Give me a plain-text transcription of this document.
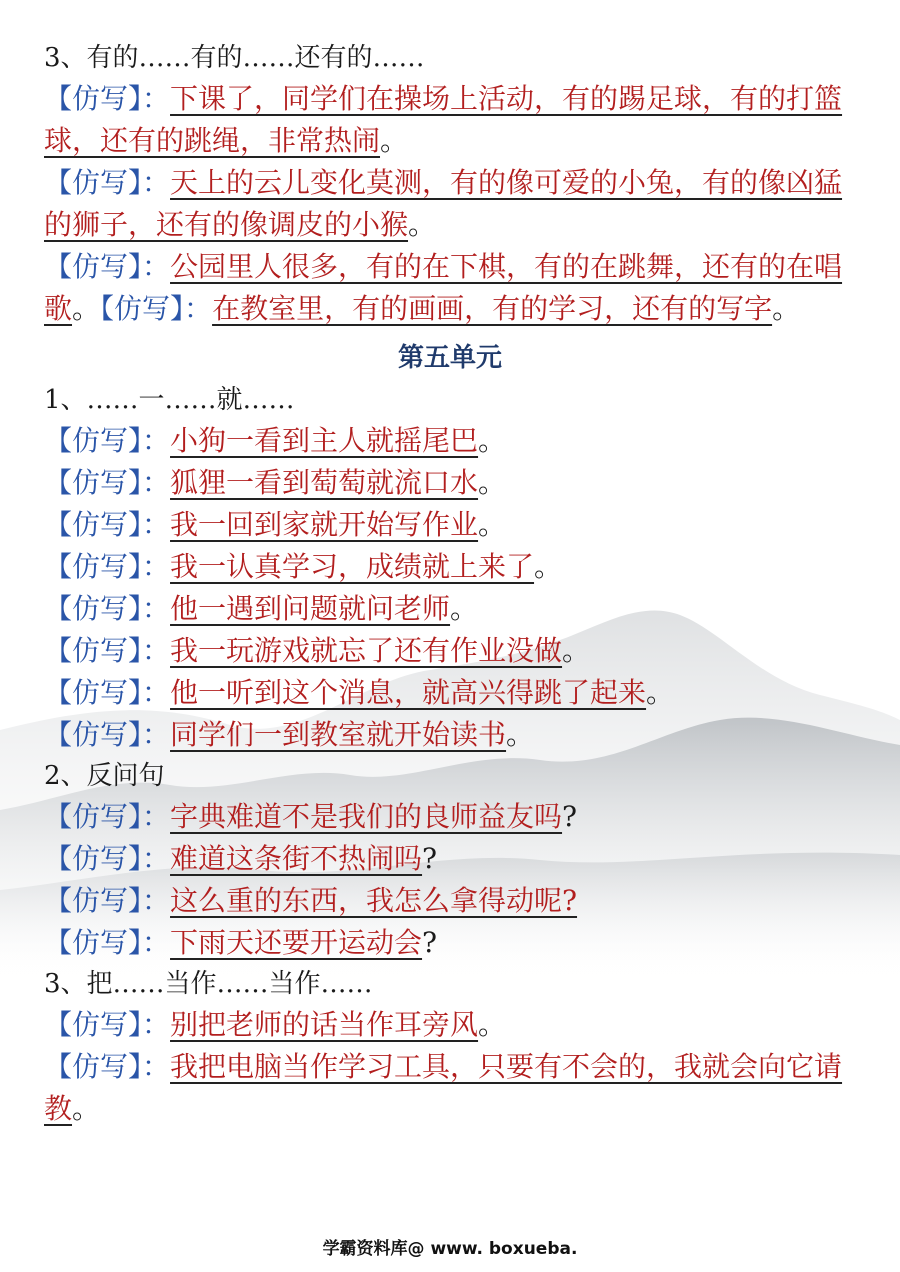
3、有的……有的……还有的……

【仿写】：下课了，同学们在操场上活动，有的踢足球，有的打篮球，还有的跳绳，非常热闹。

【仿写】：天上的云儿变化莫测，有的像可爱的小兔，有的像凶猛的狮子，还有的像调皮的小猴。

【仿写】：公园里人很多，有的在下棋，有的在跳舞，还有的在唱歌。【仿写】：在教室里，有的画画，有的学习，还有的写字。

第五单元

1、……一……就……

【仿写】：小狗一看到主人就摇尾巴。

【仿写】：狐狸一看到萄萄就流口水。

【仿写】：我一回到家就开始写作业。

【仿写】：我一认真学习，成绩就上来了。

【仿写】：他一遇到问题就问老师。

【仿写】：我一玩游戏就忘了还有作业没做。

【仿写】：他一听到这个消息，就高兴得跳了起来。

【仿写】：同学们一到教室就开始读书。

2、反问句

【仿写】：字典难道不是我们的良师益友吗?

【仿写】：难道这条街不热闹吗?

【仿写】：这么重的东西，我怎么拿得动呢?

【仿写】：下雨天还要开运动会?

3、把……当作……当作……

【仿写】：别把老师的话当作耳旁风。

【仿写】：我把电脑当作学习工具，只要有不会的，我就会向它请教。

学霸资料库@ www. boxueba.
